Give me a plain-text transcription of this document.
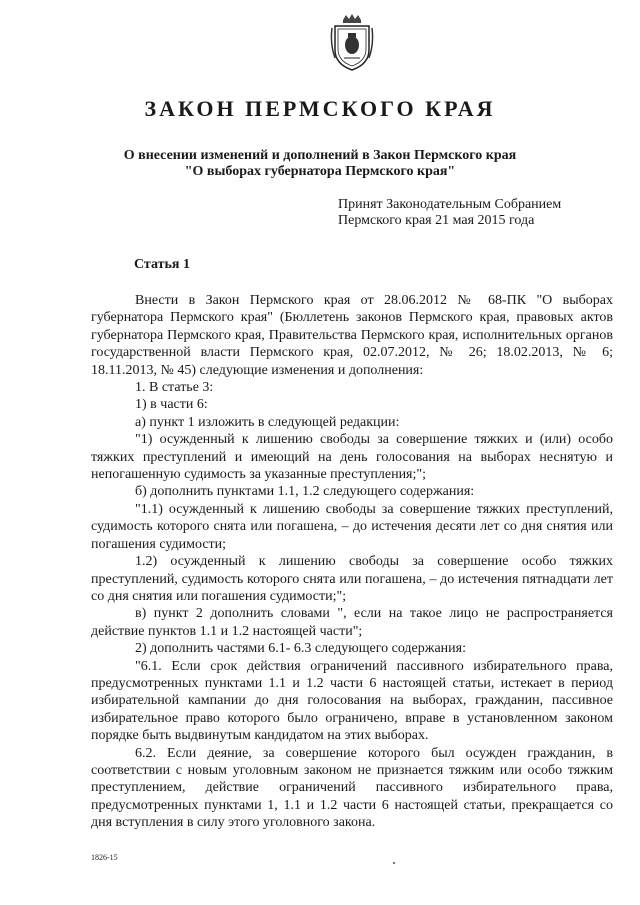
ЗАКОН ПЕРМСКОГО КРАЯ
О внесении изменений и дополнений в Закон Пермского края
"О выборах губернатора Пермского края"
Принят Законодательным Собранием
Пермского края 21 мая 2015 года
Статья 1

Внести в Закон Пермского края от 28.06.2012 № 68-ПК "О выборах губернатора Пермского края" (Бюллетень законов Пермского края, правовых актов губернатора Пермского края, Правительства Пермского края, исполнительных органов государственной власти Пермского края, 02.07.2012, № 26; 18.02.2013, № 6; 18.11.2013, № 45) следующие изменения и дополнения:

1. В статье 3:

1) в части 6:

а) пункт 1 изложить в следующей редакции:

"1) осужденный к лишению свободы за совершение тяжких и (или) особо тяжких преступлений и имеющий на день голосования на выборах неснятую и непогашенную судимость за указанные преступления;";

б) дополнить пунктами 1.1, 1.2 следующего содержания:

"1.1) осужденный к лишению свободы за совершение тяжких преступлений, судимость которого снята или погашена, – до истечения десяти лет со дня снятия или погашения судимости;

1.2) осужденный к лишению свободы за совершение особо тяжких преступлений, судимость которого снята или погашена, – до истечения пятнадцати лет со дня снятия или погашения судимости;";

в) пункт 2 дополнить словами ", если на такое лицо не распространяется действие пунктов 1.1 и 1.2 настоящей части";

2) дополнить частями 6.1- 6.3 следующего содержания:

"6.1. Если срок действия ограничений пассивного избирательного права, предусмотренных пунктами 1.1 и 1.2 части 6 настоящей статьи, истекает в период избирательной кампании до дня голосования на выборах, гражданин, пассивное избирательное право которого было ограничено, вправе в установленном законом порядке быть выдвинутым кандидатом на этих выборах.

6.2. Если деяние, за совершение которого был осужден гражданин, в соответствии с новым уголовным законом не признается тяжким или особо тяжким преступлением, действие ограничений пассивного избирательного права, предусмотренных пунктами 1, 1.1 и 1.2 части 6 настоящей статьи, прекращается со дня вступления в силу этого уголовного закона.

1826-15
